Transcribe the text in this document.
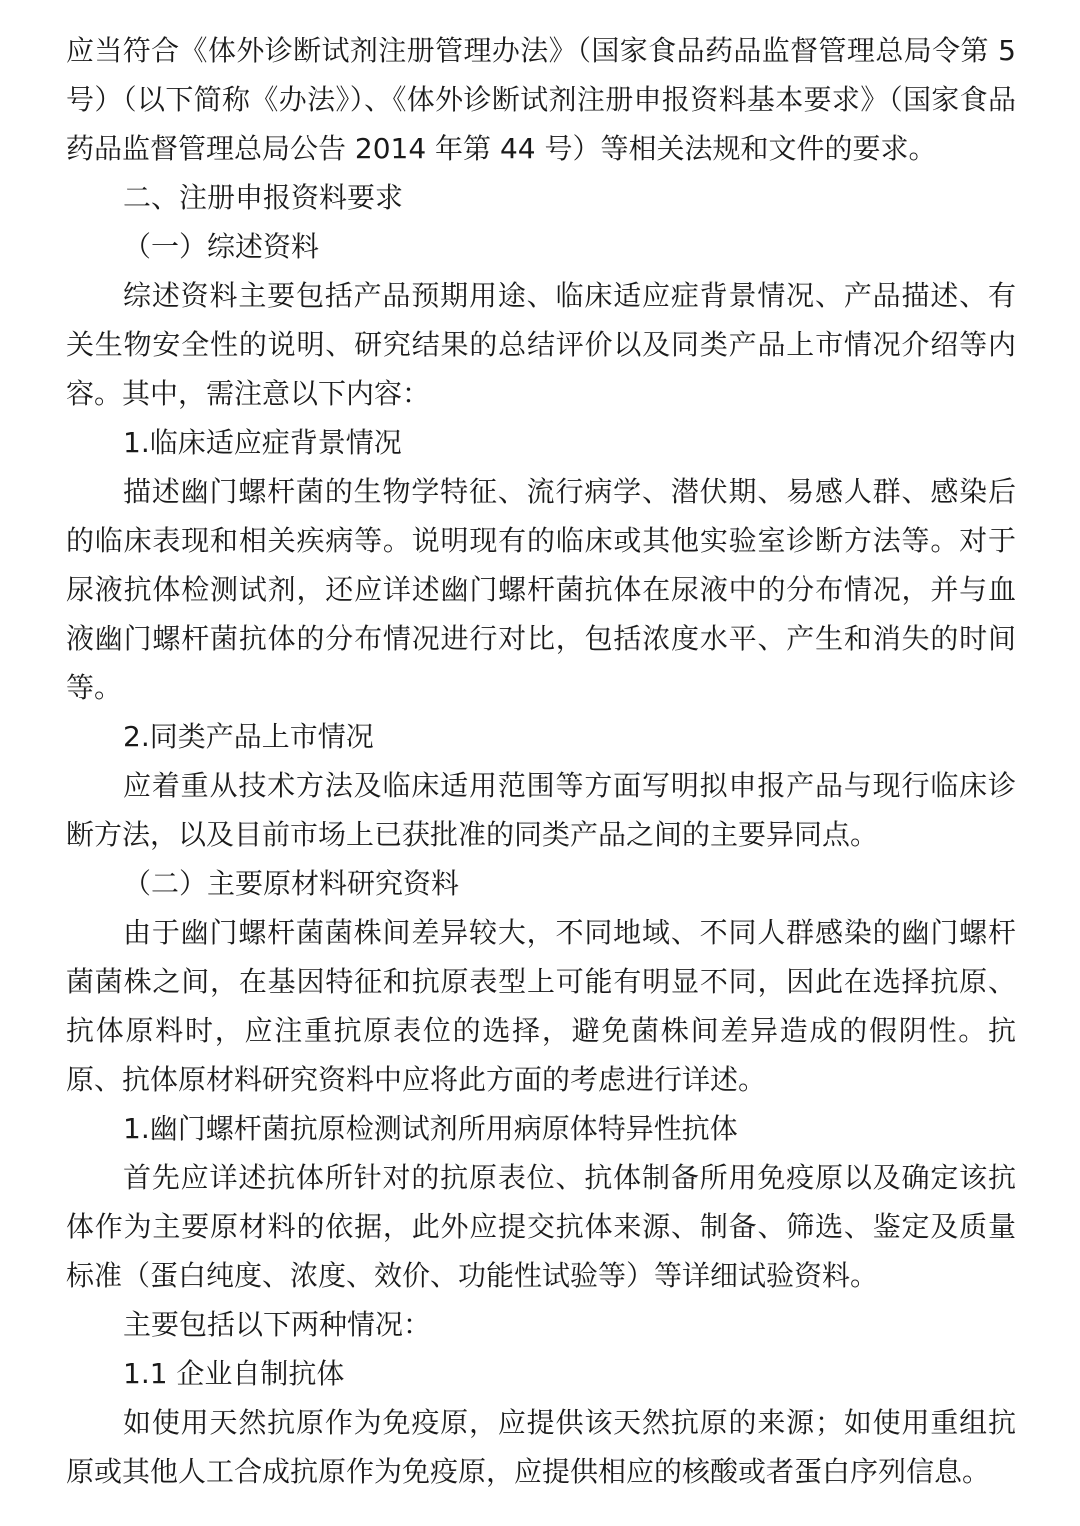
应当符合《体外诊断试剂注册管理办法》（国家食品药品监督管理总局令第 5 号）（以下简称《办法》）、《体外诊断试剂注册申报资料基本要求》（国家食品药品监督管理总局公告 2014 年第 44 号）等相关法规和文件的要求。

二、注册申报资料要求

（一）综述资料

综述资料主要包括产品预期用途、临床适应症背景情况、产品描述、有关生物安全性的说明、研究结果的总结评价以及同类产品上市情况介绍等内容。其中，需注意以下内容：

1.临床适应症背景情况

描述幽门螺杆菌的生物学特征、流行病学、潜伏期、易感人群、感染后的临床表现和相关疾病等。说明现有的临床或其他实验室诊断方法等。对于尿液抗体检测试剂，还应详述幽门螺杆菌抗体在尿液中的分布情况，并与血液幽门螺杆菌抗体的分布情况进行对比，包括浓度水平、产生和消失的时间等。

2.同类产品上市情况

应着重从技术方法及临床适用范围等方面写明拟申报产品与现行临床诊断方法，以及目前市场上已获批准的同类产品之间的主要异同点。

（二）主要原材料研究资料

由于幽门螺杆菌菌株间差异较大，不同地域、不同人群感染的幽门螺杆菌菌株之间，在基因特征和抗原表型上可能有明显不同，因此在选择抗原、抗体原料时，应注重抗原表位的选择，避免菌株间差异造成的假阴性。抗原、抗体原材料研究资料中应将此方面的考虑进行详述。

1.幽门螺杆菌抗原检测试剂所用病原体特异性抗体

首先应详述抗体所针对的抗原表位、抗体制备所用免疫原以及确定该抗体作为主要原材料的依据，此外应提交抗体来源、制备、筛选、鉴定及质量标准（蛋白纯度、浓度、效价、功能性试验等）等详细试验资料。

主要包括以下两种情况：

1.1 企业自制抗体

如使用天然抗原作为免疫原，应提供该天然抗原的来源；如使用重组抗原或其他人工合成抗原作为免疫原，应提供相应的核酸或者蛋白序列信息。
